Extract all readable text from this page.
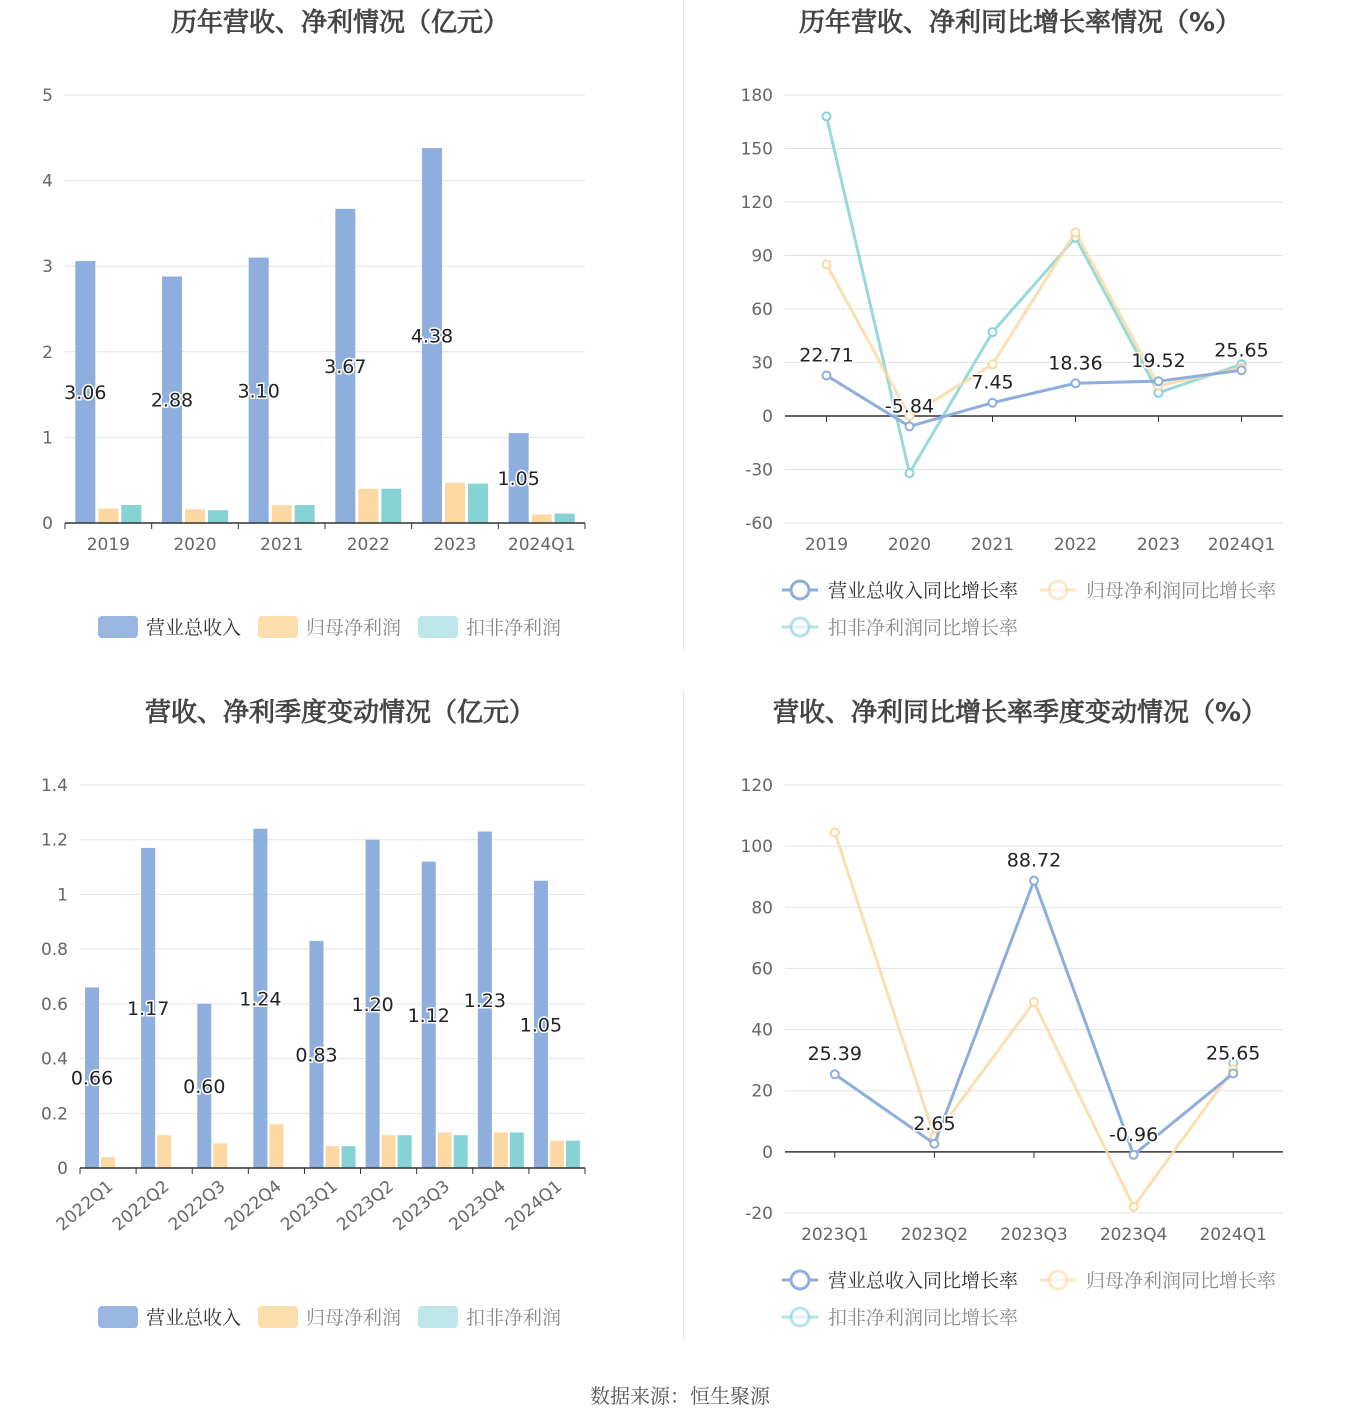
历年营收、净利情况（亿元）
0
1
2
3
4
5
3.06 2.88 3.10
3.67
4.38
1.05
2019	2020	2021	2022	2023 2024Q1
营业总收入	归母净利润	扣非净利润
历年营收、净利同比增长率情况（%）
-60
-30
0
30
60
90
120
150
180
22.71
-5.84
7.45
18.36 19.52 25.65
2019 2020 2021 2022 2023 2024Q1
营业总收入同比增长率	归母净利润同比增长率
扣非净利润同比增长率
营收、净利季度变动情况（亿元）
0
0.2
0.4
0.6
0.8
1
1.2
1.4
0.66
1.17
0.60
1.24
0.83
1.20 1.12
1.23
1.05
2022Q1
2022Q2
2022Q3
2022Q4
2023Q1
2023Q2
2023Q3
2023Q4
2024Q1
营业总收入	归母净利润	扣非净利润
营收、净利同比增长率季度变动情况（%）
-20
0
20
40
60
80
100
120
25.39
2.65
88.72
-0.96
25.65
2023Q1 2023Q2 2023Q3 2023Q4 2024Q1
营业总收入同比增长率	归母净利润同比增长率
扣非净利润同比增长率
数据来源：恒生聚源
